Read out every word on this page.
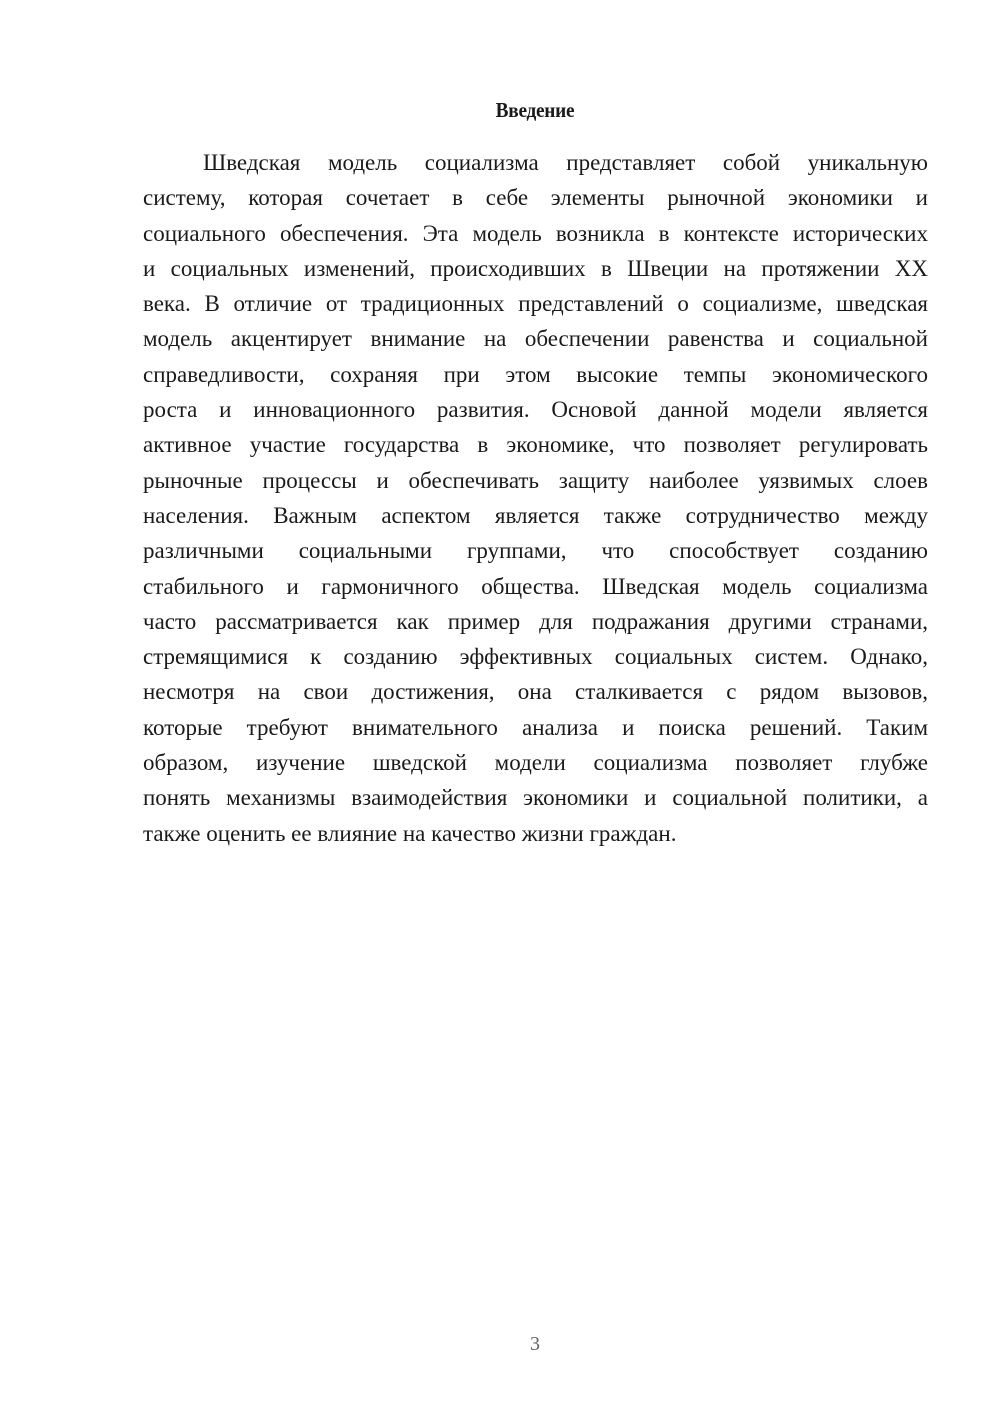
Введение
Шведская модель социализма представляет собой уникальную
систему, которая сочетает в себе элементы рыночной экономики и
социального обеспечения. Эта модель возникла в контексте исторических
и социальных изменений, происходивших в Швеции на протяжении XX
века. В отличие от традиционных представлений о социализме, шведская
модель акцентирует внимание на обеспечении равенства и социальной
справедливости, сохраняя при этом высокие темпы экономического
роста и инновационного развития. Основой данной модели является
активное участие государства в экономике, что позволяет регулировать
рыночные процессы и обеспечивать защиту наиболее уязвимых слоев
населения. Важным аспектом является также сотрудничество между
различными социальными группами, что способствует созданию
стабильного и гармоничного общества. Шведская модель социализма
часто рассматривается как пример для подражания другими странами,
стремящимися к созданию эффективных социальных систем. Однако,
несмотря на свои достижения, она сталкивается с рядом вызовов,
которые требуют внимательного анализа и поиска решений. Таким
образом, изучение шведской модели социализма позволяет глубже
понять механизмы взаимодействия экономики и социальной политики, а
также оценить ее влияние на качество жизни граждан.
3
